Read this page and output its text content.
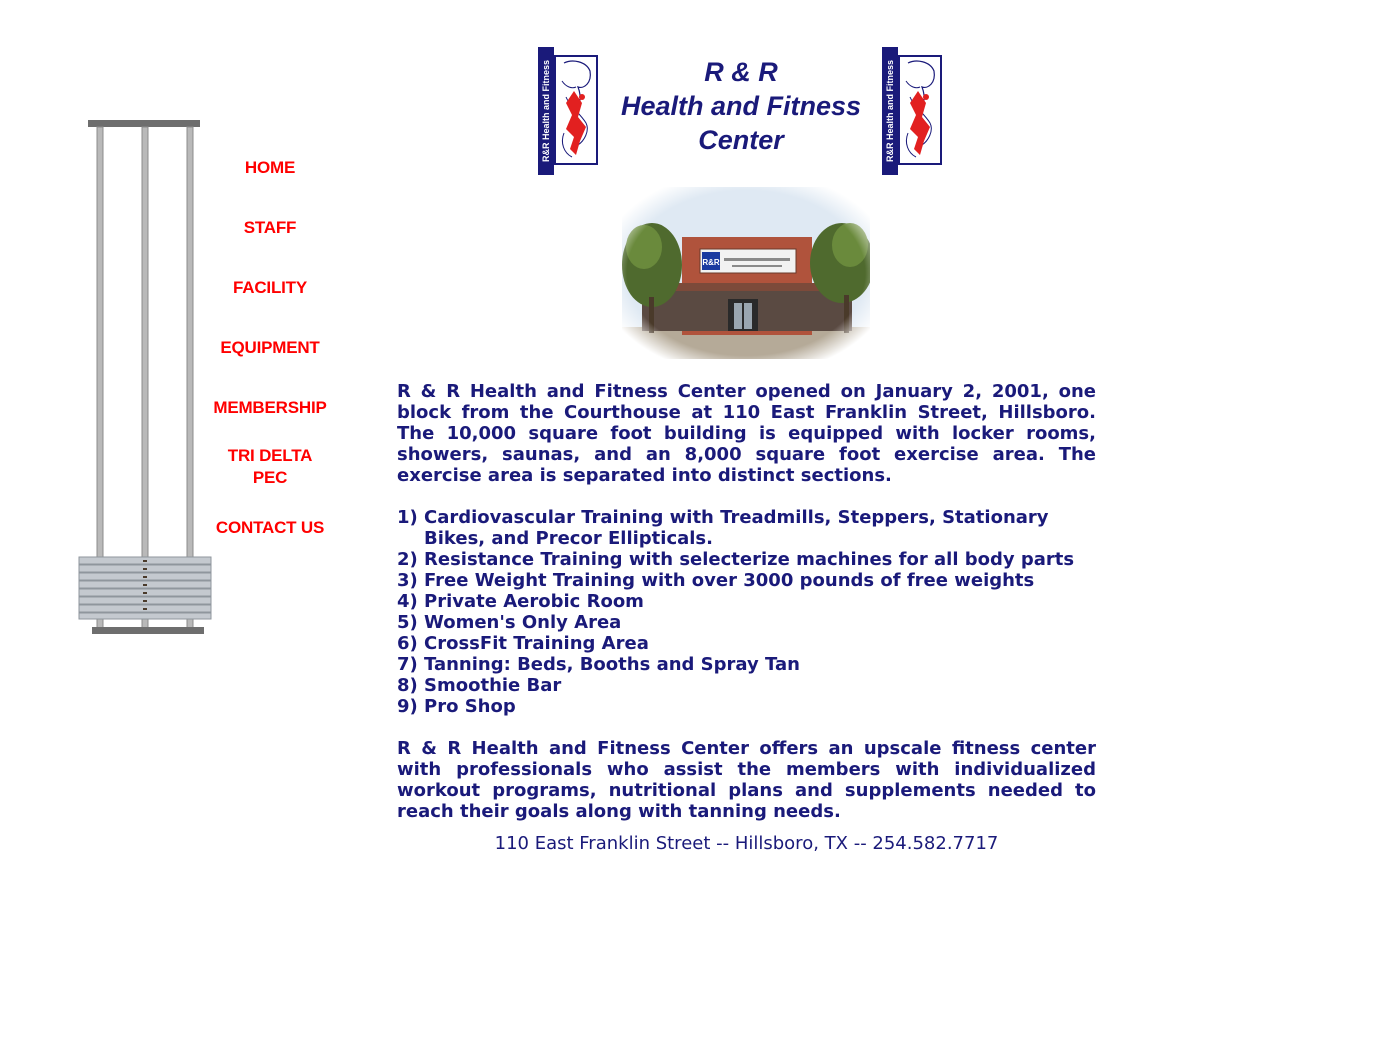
HOME
STAFF
FACILITY
EQUIPMENT
MEMBERSHIP
TRI DELTA
PEC
CONTACT US
R&R Health and Fitness	R & R
Health and Fitness
Center	R&R Health and Fitness

R & R Health and Fitness Center opened on January 2, 2001, one block from the Courthouse at 110 East Franklin Street, Hillsboro. The 10,000 square foot building is equipped with locker rooms, showers, saunas, and an 8,000 square foot exercise area. The exercise area is separated into distinct sections.

1) Cardiovascular Training with Treadmills, Steppers, Stationary Bikes, and Precor Ellipticals.
2) Resistance Training with selecterize machines for all body parts
3) Free Weight Training with over 3000 pounds of free weights
4) Private Aerobic Room
5) Women's Only Area
6) CrossFit Training Area
7) Tanning: Beds, Booths and Spray Tan
8) Smoothie Bar
9) Pro Shop

R & R Health and Fitness Center offers an upscale fitness center with professionals who assist the members with individualized workout programs, nutritional plans and supplements needed to reach their goals along with tanning needs.

110 East Franklin Street -- Hillsboro, TX -- 254.582.7717
